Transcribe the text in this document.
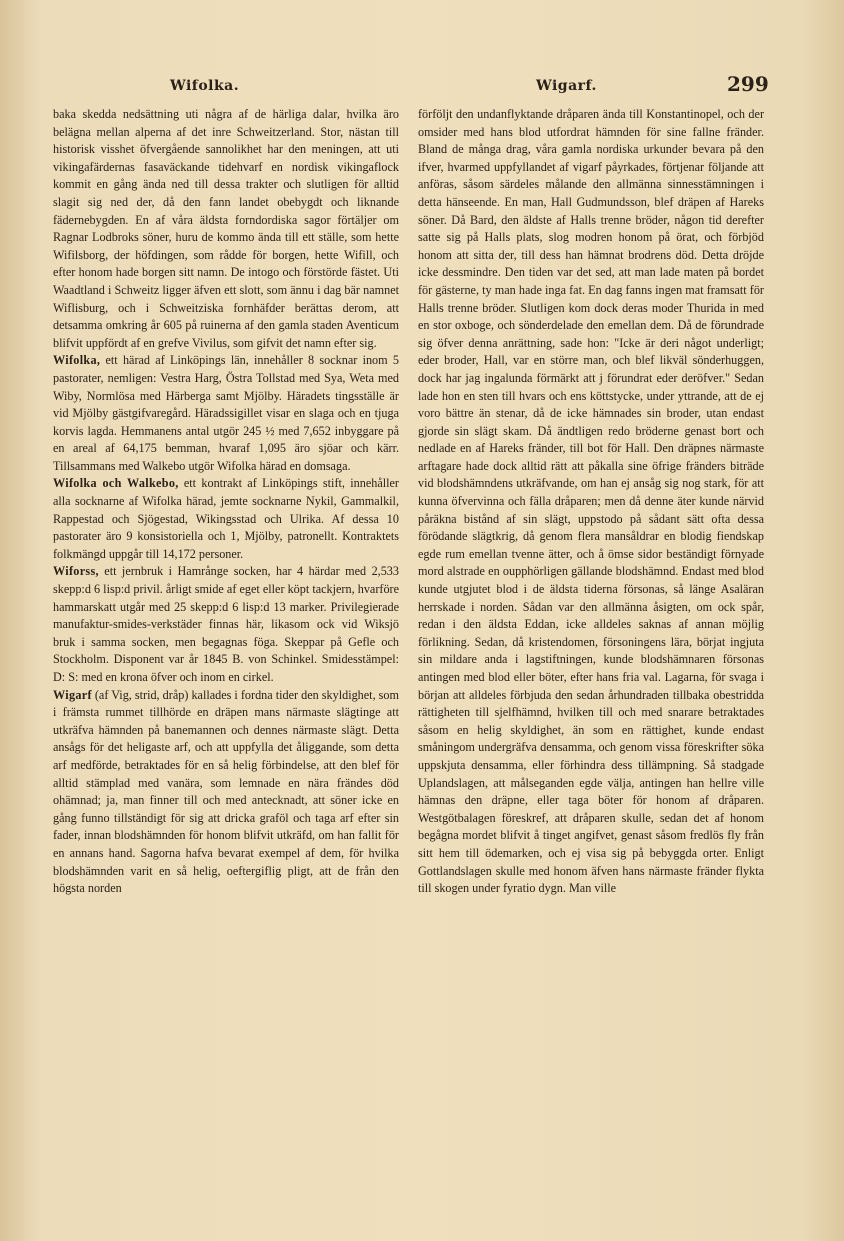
Wifolka.	Wigarf.	299

baka skedda nedsättning uti några af de härliga dalar, hvilka äro belägna mellan alperna af det inre Schweitzerland. Stor, nästan till historisk visshet öfvergående sannolikhet har den meningen, att uti vikingafärdernas fasaväckande tidehvarf en nordisk vikingaflock kommit en gång ända ned till dessa trakter och slutligen för alltid slagit sig ned der, då den fann landet obebygdt och liknande fädernebygden. En af våra äldsta forndordiska sagor förtäljer om Ragnar Lodbroks söner, huru de kommo ända till ett ställe, som hette Wifilsborg, der höfdingen, som rådde för borgen, hette Wifill, och efter honom hade borgen sitt namn. De intogo och förstörde fästet. Uti Waadtland i Schweitz ligger äfven ett slott, som ännu i dag bär namnet Wiflisburg, och i Schweitziska fornhäfder berättas derom, att detsamma omkring år 605 på ruinerna af den gamla staden Aventicum blifvit uppfördt af en grefve Vivilus, som gifvit det namn efter sig.

Wifolka, ett härad af Linköpings län, innehåller 8 socknar inom 5 pastorater, nemligen: Vestra Harg, Östra Tollstad med Sya, Weta med Wiby, Normlösa med Härberga samt Mjölby. Häradets tingsställe är vid Mjölby gästgifvaregård. Häradssigillet visar en slaga och en tjuga korvis lagda. Hemmanens antal utgör 245 ½ med 7,652 inbyggare på en areal af 64,175 bemman, hvaraf 1,095 äro sjöar och kärr. Tillsammans med Walkebo utgör Wifolka härad en domsaga.

Wifolka och Walkebo, ett kontrakt af Linköpings stift, innehåller alla socknarne af Wifolka härad, jemte socknarne Nykil, Gammalkil, Rappestad och Sjögestad, Wikingsstad och Ulrika. Af dessa 10 pastorater äro 9 konsistoriella och 1, Mjölby, patronellt. Kontraktets folkmängd uppgår till 14,172 personer.

Wiforss, ett jernbruk i Hamrånge socken, har 4 härdar med 2,533 skepp:d 6 lisp:d privil. årligt smide af eget eller köpt tackjern, hvarföre hammarskatt utgår med 25 skepp:d 6 lisp:d 13 marker. Privilegierade manufaktur-smides-verkstäder finnas här, likasom ock vid Wiksjö bruk i samma socken, men begagnas föga. Skeppar på Gefle och Stockholm. Disponent var år 1845 B. von Schinkel. Smidesstämpel: D: S: med en krona öfver och inom en cirkel.

Wigarf (af Vig, strid, dråp) kallades i fordna tider den skyldighet, som i främsta rummet tillhörde en dräpen mans närmaste slägtinge att utkräfva hämnden på banemannen och dennes närmaste slägt. Detta ansågs för det heligaste arf, och att uppfylla det åliggande, som detta arf medförde, betraktades för en så helig förbindelse, att den blef för alltid stämplad med vanära, som lemnade en nära frändes död ohämnad; ja, man finner till och med antecknadt, att söner icke en gång funno tillständigt för sig att dricka graföl och taga arf efter sin fader, innan blodshämnden för honom blifvit utkräfd, om han fallit för en annans hand. Sagorna hafva bevarat exempel af dem, för hvilka blodshämnden varit en så helig, oeftergiflig pligt, att de från den högsta norden

förföljt den undanflyktande dråparen ända till Konstantinopel, och der omsider med hans blod utfordrat hämnden för sine fallne fränder. Bland de många drag, våra gamla nordiska urkunder bevara på den ifver, hvarmed uppfyllandet af vigarf påyrkades, förtjenar följande att anföras, såsom särdeles målande den allmänna sinnesstämningen i detta hänseende. En man, Hall Gudmundsson, blef dräpen af Hareks söner. Då Bard, den äldste af Halls trenne bröder, någon tid derefter satte sig på Halls plats, slog modren honom på örat, och förbjöd honom att sitta der, till dess han hämnat brodrens död. Detta dröjde icke dessmindre. Den tiden var det sed, att man lade maten på bordet för gästerne, ty man hade inga fat. En dag fanns ingen mat framsatt för Halls trenne bröder. Slutligen kom dock deras moder Thurida in med en stor oxboge, och sönderdelade den emellan dem. Då de förundrade sig öfver denna anrättning, sade hon: "Icke är deri något underligt; eder broder, Hall, var en större man, och blef likväl sönderhuggen, dock har jag ingalunda förmärkt att j förundrat eder deröfver." Sedan lade hon en sten till hvars och ens köttstycke, under yttrande, att de ej voro bättre än stenar, då de icke hämnades sin broder, utan endast gjorde sin slägt skam. Då ändtligen redo bröderne genast bort och nedlade en af Hareks fränder, till bot för Hall. Den dräpnes närmaste arftagare hade dock alltid rätt att påkalla sine öfrige fränders biträde vid blodshämndens utkräfvande, om han ej ansåg sig nog stark, för att kunna öfvervinna och fälla dråparen; men då denne äter kunde närvid påräkna bistånd af sin slägt, uppstodo på sådant sätt ofta dessa förödande slägtkrig, då genom flera mansåldrar en blodig fiendskap egde rum emellan tvenne ätter, och å ömse sidor beständigt förnyade mord alstrade en oupphörligen gällande blodshämnd. Endast med blod kunde utgjutet blod i de äldsta tiderna försonas, så länge Asaläran herrskade i norden. Sådan var den allmänna åsigten, om ock spår, redan i den äldsta Eddan, icke alldeles saknas af annan möjlig förlikning. Sedan, då kristendomen, försoningens lära, börjat ingjuta sin mildare anda i lagstiftningen, kunde blodshämnaren försonas antingen med blod eller böter, efter hans fria val. Lagarna, för svaga i början att alldeles förbjuda den sedan århundraden tillbaka obestridda rättigheten till sjelfhämnd, hvilken till och med snarare betraktades såsom en helig skyldighet, än som en rättighet, kunde endast småningom undergräfva densamma, och genom vissa föreskrifter söka uppskjuta densamma, eller förhindra dess tillämpning. Så stadgade Uplandslagen, att målseganden egde välja, antingen han hellre ville hämnas den dräpne, eller taga böter för honom af dråparen. Westgötbalagen föreskref, att dråparen skulle, sedan det af honom begågna mordet blifvit å tinget angifvet, genast såsom fredlös fly från sitt hem till ödemarken, och ej visa sig på bebyggda orter. Enligt Gottlandslagen skulle med honom äfven hans närmaste fränder flykta till skogen under fyratio dygn. Man ville
